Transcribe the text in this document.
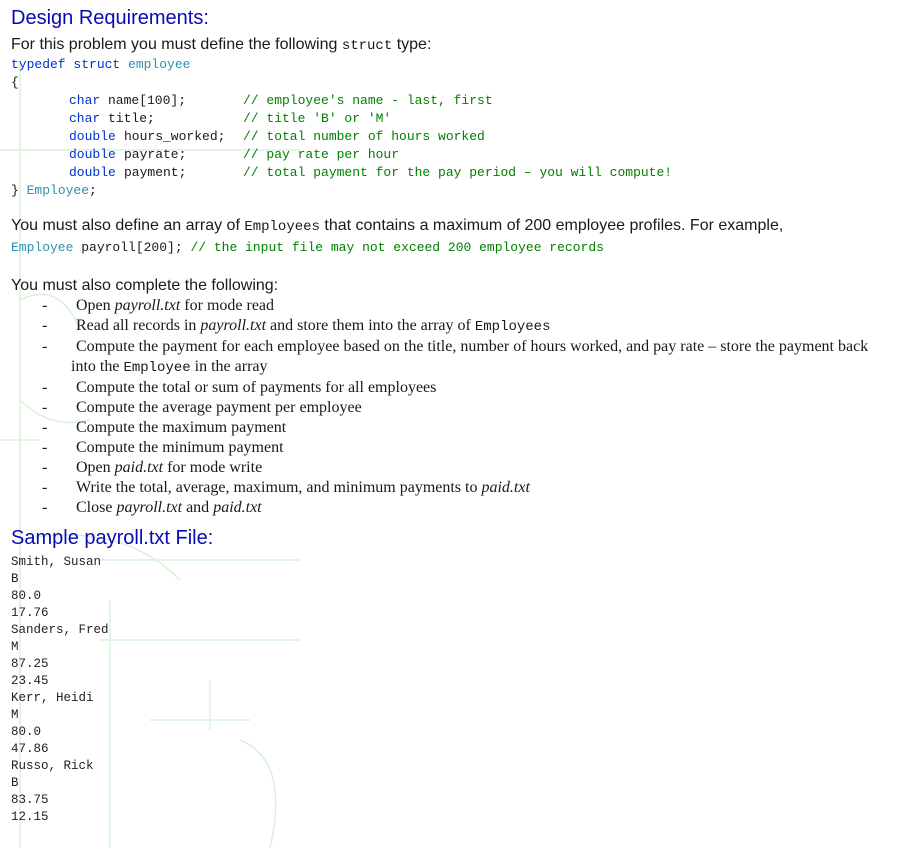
Design Requirements:

For this problem you must define the following struct type:

typedef struct employee
{
char
char
double
double
double
name[100];
title;
hours_worked;
payrate;
payment;
// employee's name - last, first
// title 'B' or 'M'
// total number of hours worked
// pay rate per hour
// total payment for the pay period – you will compute!
} Employee;

You must also define an array of Employees that contains a maximum of 200 employee profiles. For example,

Employee payroll[200]; // the input file may not exceed 200 employee records

You must also complete the following:

- Open payroll.txt for mode read
- Read all records in payroll.txt and store them into the array of Employees
- Compute the payment for each employee based on the title, number of hours worked, and pay rate – store the payment back
into the Employee in the array
- Compute the total or sum of payments for all employees
- Compute the average payment per employee
- Compute the maximum payment
- Compute the minimum payment
- Open paid.txt for mode write
- Write the total, average, maximum, and minimum payments to paid.txt
- Close payroll.txt and paid.txt
Sample payroll.txt File:
Smith, Susan
B
80.0
17.76
Sanders, Fred
M
87.25
23.45
Kerr, Heidi
M
80.0
47.86
Russo, Rick
B
83.75
12.15
